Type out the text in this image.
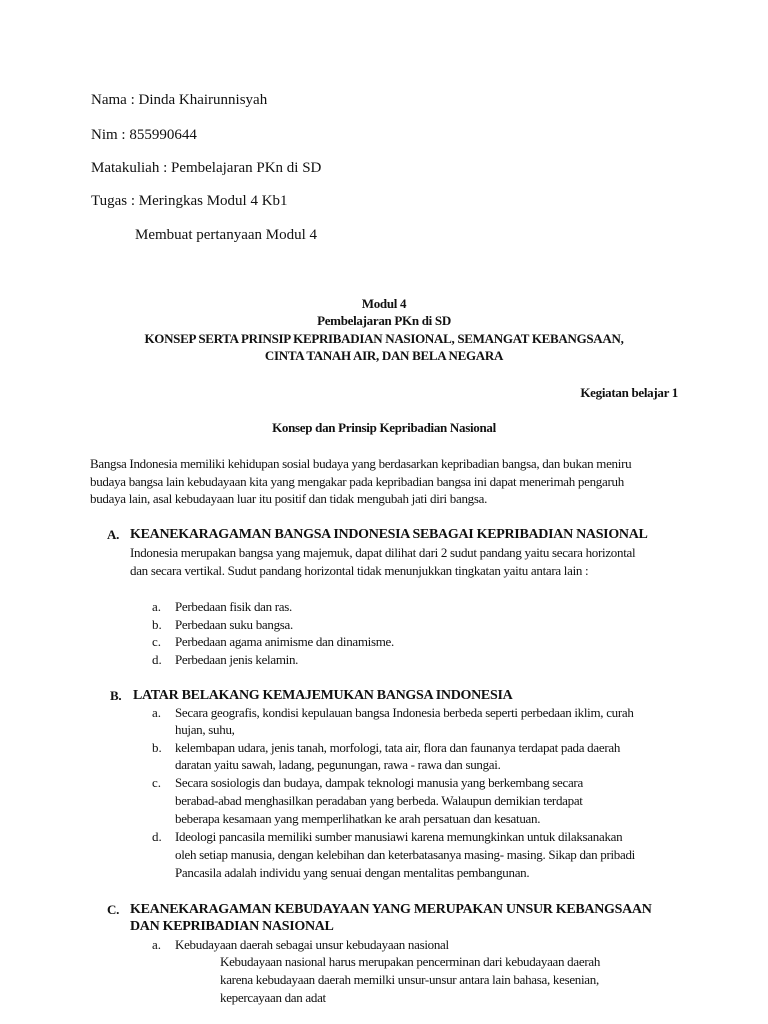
Nama : Dinda Khairunnisyah

Nim : 855990644

Matakuliah : Pembelajaran PKn di SD

Tugas : Meringkas Modul 4 Kb1

Membuat pertanyaan Modul 4

Modul 4

Pembelajaran PKn di SD

KONSEP SERTA PRINSIP KEPRIBADIAN NASIONAL, SEMANGAT KEBANGSAAN,

CINTA TANAH AIR, DAN BELA NEGARA

Kegiatan belajar 1

Konsep dan Prinsip Kepribadian Nasional

Bangsa Indonesia memiliki kehidupan sosial budaya yang berdasarkan kepribadian bangsa, dan bukan meniru

budaya bangsa lain kebudayaan kita yang mengakar pada kepribadian bangsa ini dapat menerimah pengaruh

budaya lain, asal kebudayaan luar itu positif dan tidak mengubah jati diri bangsa.

A. KEANEKARAGAMAN BANGSA INDONESIA SEBAGAI KEPRIBADIAN NASIONAL

Indonesia merupakan bangsa yang majemuk, dapat dilihat dari 2 sudut pandang yaitu secara horizontal

dan secara vertikal. Sudut pandang horizontal tidak menunjukkan tingkatan yaitu antara lain :

a. Perbedaan fisik dan ras.

b. Perbedaan suku bangsa.

c. Perbedaan agama animisme dan dinamisme.

d. Perbedaan jenis kelamin.

B. LATAR BELAKANG KEMAJEMUKAN BANGSA INDONESIA

a. Secara geografis, kondisi kepulauan bangsa Indonesia berbeda seperti perbedaan iklim, curah

hujan, suhu,

b. kelembapan udara, jenis tanah, morfologi, tata air, flora dan faunanya terdapat pada daerah

daratan yaitu sawah, ladang, pegunungan, rawa - rawa dan sungai.

c. Secara sosiologis dan budaya, dampak teknologi manusia yang berkembang secara

berabad-abad menghasilkan peradaban yang berbeda. Walaupun demikian terdapat

beberapa kesamaan yang memperlihatkan ke arah persatuan dan kesatuan.

d. Ideologi pancasila memiliki sumber manusiawi karena memungkinkan untuk dilaksanakan

oleh setiap manusia, dengan kelebihan dan keterbatasanya masing- masing. Sikap dan pribadi

Pancasila adalah individu yang senuai dengan mentalitas pembangunan.

C. KEANEKARAGAMAN KEBUDAYAAN YANG MERUPAKAN UNSUR KEBANGSAAN

DAN KEPRIBADIAN NASIONAL

a. Kebudayaan daerah sebagai unsur kebudayaan nasional

Kebudayaan nasional harus merupakan pencerminan dari kebudayaan daerah

karena kebudayaan daerah memilki unsur-unsur antara lain bahasa, kesenian,

kepercayaan dan adat
